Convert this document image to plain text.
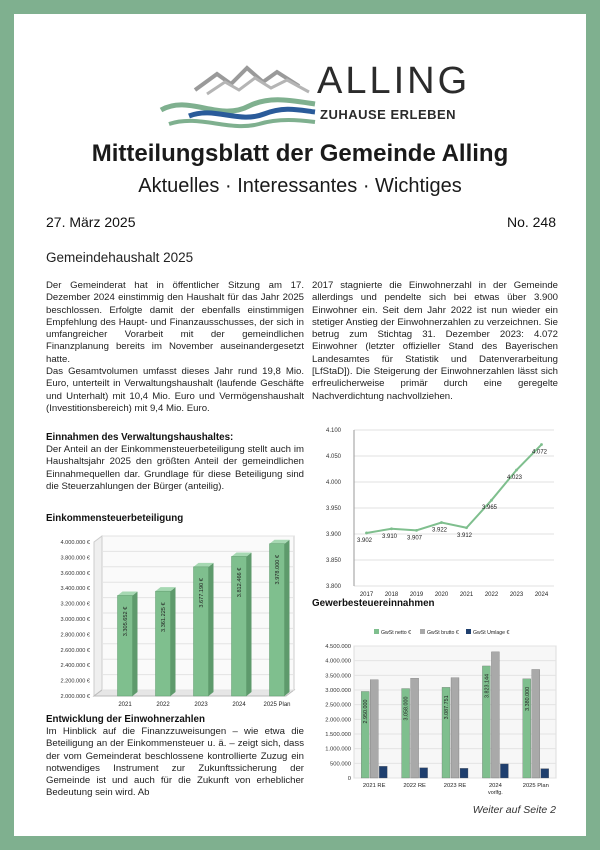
ALLING
ZUHAUSE ERLEBEN
Mitteilungsblatt der Gemeinde Alling
Aktuelles · Interessantes · Wichtiges
27. März 2025	No. 248
Gemeindehaushalt 2025

Der Gemeinderat hat in öffentlicher Sitzung am 17. Dezember 2024 einstimmig den Haushalt für das Jahr 2025 beschlossen. Erfolgte damit der ebenfalls einstimmigen Empfehlung des Haupt- und Finanzausschusses, der sich in umfangreicher Vorarbeit mit der gemeindlichen Finanzplanung bereits im November auseinandergesetzt hatte.

Das Gesamtvolumen umfasst dieses Jahr rund 19,8 Mio. Euro, unterteilt in Verwaltungshaushalt (laufende Geschäfte und Unterhalt) mit 10,4 Mio. Euro und Vermögenshaushalt (Investitionsbereich) mit 9,4 Mio. Euro.

Einnahmen des Verwaltungshaushaltes:
Der Anteil an der Einkommensteuerbeteiligung stellt auch im Haushaltsjahr 2025 den größten Anteil der gemeindlichen Einnahmequellen dar. Grundlage für diese Beteiligung sind die Steuerzahlungen der Bürger (anteilig).
Einkommensteuerbeteiligung
2.000.000 €
2.200.000 €
2.400.000 €
2.600.000 €
2.800.000 €
3.000.000 €
3.200.000 €
3.400.000 €
3.600.000 €
3.800.000 €
4.000.000 €
3.305.652 €
2021
3.361.225 €
2022
3.677.190 €
2023
3.812.466 €
2024
3.978.000 €
2025 Plan
Entwicklung der Einwohnerzahlen
Im Hinblick auf die Finanzzuweisungen – wie etwa die Beteiligung an der Einkommensteuer u. ä. – zeigt sich, dass der vom Gemeinderat beschlossene kontrollierte Zuzug ein notwendiges Instrument zur Zukunftssicherung der Gemeinde ist und auch für die Zukunft von erheblicher Bedeutung sein wird. Ab
2017 stagnierte die Einwohnerzahl in der Gemeinde allerdings und pendelte sich bei etwas über 3.900 Einwohner ein. Seit dem Jahr 2022 ist nun wieder ein stetiger Anstieg der Einwohnerzahlen zu verzeichnen. Sie betrug zum Stichtag 31. Dezember 2023: 4.072 Einwohner (letzter offizieller Stand des Bayerischen Landesamtes für Statistik und Datenverarbeitung [LfStaD]). Die Steigerung der Einwohnerzahlen lässt sich erfreulicherweise primär durch eine geregelte Nachverdichtung nachvollziehen.
3.800
3.850
3.900
3.950
4.000
4.050
4.100
3.902
2017
3.910
2018
3.907
2019
3.922
2020
3.912
2021
3.965
2022
4.023
2023
4.072
2024
Gewerbesteuereinnahmen
0
500.000
1.000.000
1.500.000
2.000.000
2.500.000
3.000.000
3.500.000
4.000.000
4.500.000
GwSt netto €	GwSt brutto €	GwSt Umlage €
2.950.000
2021 RE
3.058.000
2022 RE
3.087.751
2023 RE
3.823.144
2024
vorlfg.
3.380.000
2025 Plan
Weiter auf Seite 2
